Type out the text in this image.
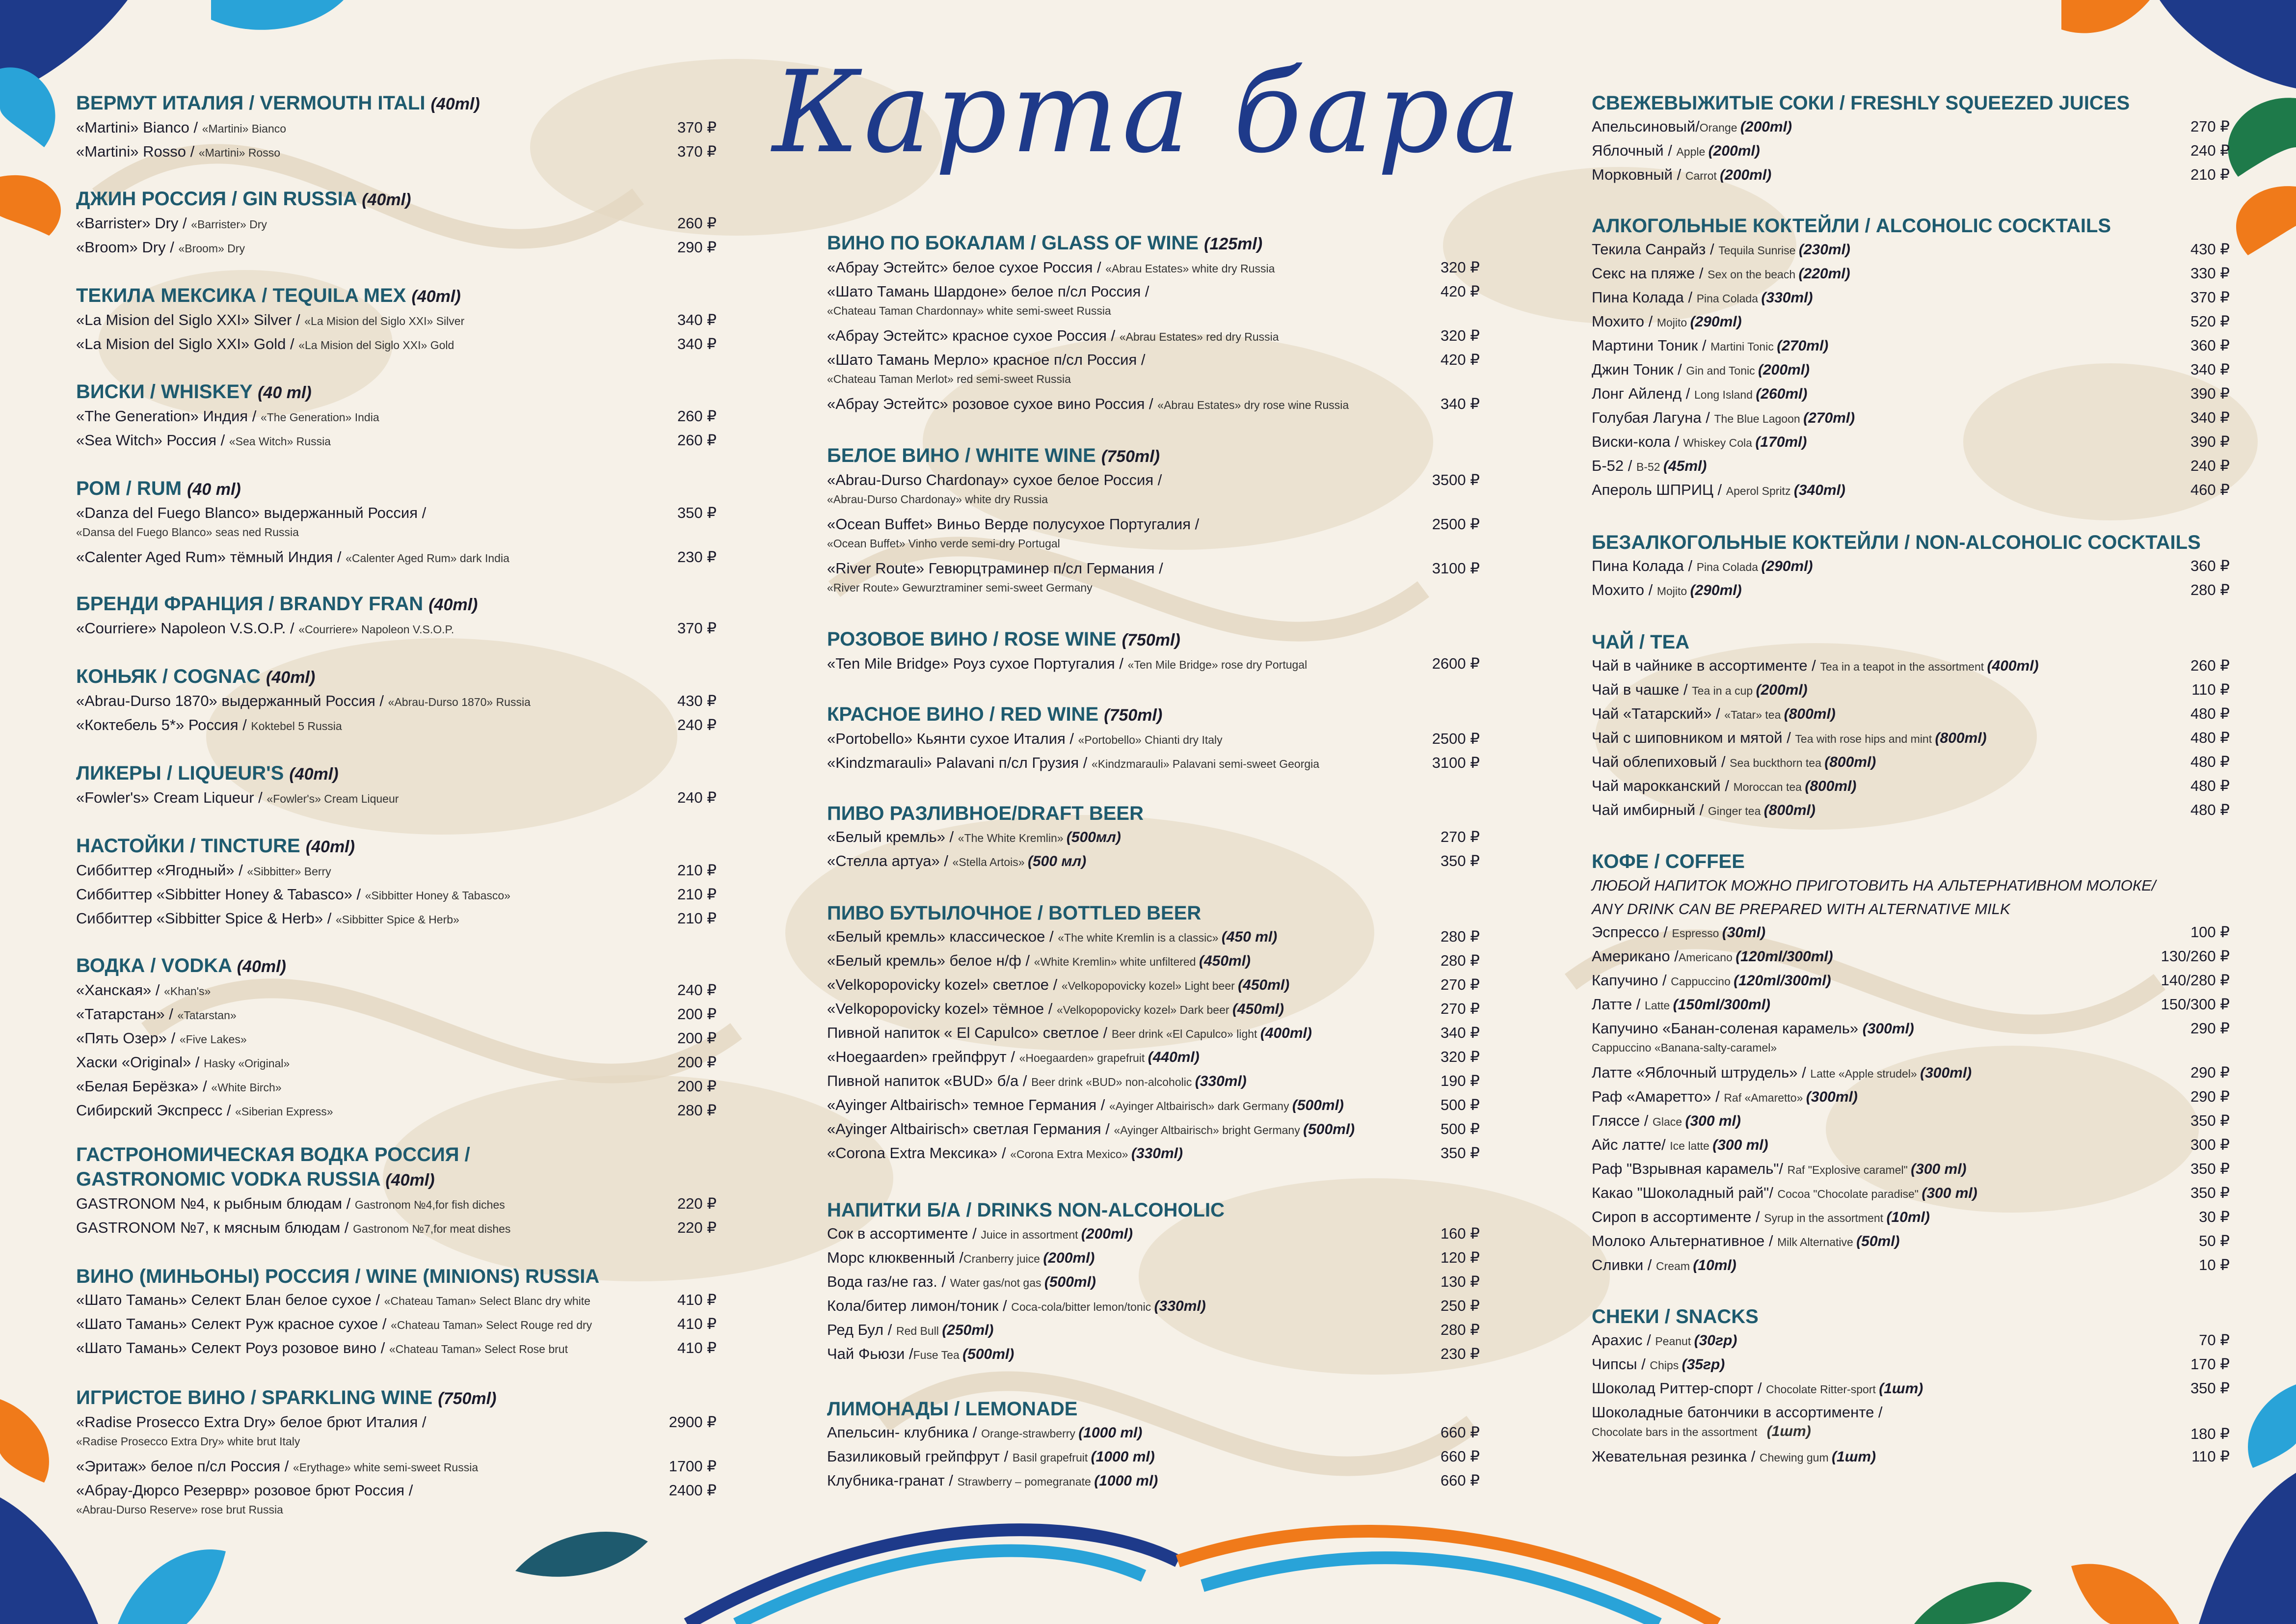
Карта бара
ВЕРМУТ ИТАЛИЯ / VERMOUTH ITALI (40ml)
«Martini» Bianco / «Martini» Bianco	370 ₽
«Martini» Rosso / «Martini» Rosso	370 ₽
ДЖИН РОССИЯ / GIN RUSSIA (40ml)
«Barrister» Dry / «Barrister» Dry	260 ₽
«Broom» Dry / «Broom» Dry	290 ₽
ТЕКИЛА МЕКСИКА / TEQUILA MEX (40ml)
«La Mision del Siglo XXI» Silver / «La Mision del Siglo XXI» Silver	340 ₽
«La Mision del Siglo XXI» Gold / «La Mision del Siglo XXI» Gold	340 ₽
ВИСКИ / WHISKEY (40 ml)
«The Generation» Индия / «The Generation» India	260 ₽
«Sea Witch» Россия / «Sea Witch» Russia	260 ₽
РОМ / RUM (40 ml)
«Danza del Fuego Blanco» выдержанный Россия /
«Dansa del Fuego Blanco» seas ned Russia
350 ₽
«Calenter Aged Rum» тёмный Индия / «Calenter Aged Rum» dark India	230 ₽
БРЕНДИ ФРАНЦИЯ / BRANDY FRAN (40ml)
«Courriere» Napoleon V.S.O.P. / «Courriere» Napoleon V.S.O.P.	370 ₽
КОНЬЯК / COGNAC (40ml)
«Abrau-Durso 1870» выдержанный Россия / «Abrau-Durso 1870» Russia	430 ₽
«Коктебель 5*» Россия / Koktebel 5 Russia	240 ₽
ЛИКЕРЫ / LIQUEUR'S (40ml)
«Fowler's» Cream Liqueur / «Fowler's» Cream Liqueur	240 ₽
НАСТОЙКИ / TINCTURE (40ml)
Сиббиттер «Ягодный» / «Sibbitter» Berry	210 ₽
Сиббиттер «Sibbitter Honey & Tabasco» / «Sibbitter Honey & Tabasco»	210 ₽
Сиббиттер «Sibbitter Spice & Herb» / «Sibbitter Spice & Herb»	210 ₽
ВОДКА / VODKA (40ml)
«Ханская» / «Khan's»	240 ₽
«Татарстан» / «Tatarstan»	200 ₽
«Пять Озер» / «Five Lakes»	200 ₽
Хаски «Original» / Hasky «Original»	200 ₽
«Белая Берёзка» / «White Birch»	200 ₽
Сибирский Экспресс / «Siberian Express»	280 ₽
ГАСТРОНОМИЧЕСКАЯ ВОДКА РОССИЯ /
GASTRONOMIC VODKA RUSSIA (40ml)
GASTRONOM №4, к рыбным блюдам / Gastronom №4,for fish diches	220 ₽
GASTRONOM №7, к мясным блюдам / Gastronom №7,for meat dishes	220 ₽
ВИНО (МИНЬОНЫ) РОССИЯ / WINE (MINIONS) RUSSIA
«Шато Тамань» Селект Блан белое сухое / «Chateau Taman» Select Blanc dry white	410 ₽
«Шато Тамань» Селект Руж красное сухое / «Chateau Taman» Select Rouge red dry	410 ₽
«Шато Тамань» Селект Роуз розовое вино / «Chateau Taman» Select Rose brut	410 ₽
ИГРИСТОЕ ВИНО / SPARKLING WINE (750ml)
«Radise Prosecco Extra Dry» белое брют Италия /
«Radise Prosecco Extra Dry» white brut Italy
2900 ₽
«Эритаж» белое п/сл Россия / «Erythage» white semi-sweet Russia	1700 ₽
«Абрау-Дюрсо Резервр» розовое брют Россия /
«Abrau-Durso Reserve» rose brut Russia
2400 ₽
ВИНО ПО БОКАЛАМ / GLASS OF WINE (125ml)
«Абрау Эстейтс» белое сухое Россия / «Abrau Estates» white dry Russia	320 ₽
«Шато Тамань Шардоне» белое п/сл Россия /
«Chateau Taman Chardonnay» white semi-sweet Russia
420 ₽
«Абрау Эстейтс» красное сухое Россия / «Abrau Estates» red dry Russia	320 ₽
«Шато Тамань Мерло» красное п/сл Россия /
«Chateau Taman Merlot» red semi-sweet Russia
420 ₽
«Абрау Эстейтс» розовое сухое вино Россия / «Abrau Estates» dry rose wine Russia	340 ₽
БЕЛОЕ ВИНО / WHITE WINE (750ml)
«Abrau-Durso Chardonay» сухое белое Россия /
«Abrau-Durso Chardonay» white dry Russia
3500 ₽
«Ocean Buffet» Виньо Верде полусухое Португалия /
«Ocean Buffet» Vinho verde semi-dry Portugal
2500 ₽
«River Route» Гевюрцтраминер п/сл Германия /
«River Route» Gewurztraminer semi-sweet Germany
3100 ₽
РОЗОВОЕ ВИНО / ROSE WINE (750ml)
«Ten Mile Bridge» Роуз сухое Португалия / «Ten Mile Bridge» rose dry Portugal	2600 ₽
КРАСНОЕ ВИНО / RED WINE (750ml)
«Portobello» Кьянти сухое Италия / «Portobello» Chianti dry Italy	2500 ₽
«Kindzmarauli» Palavani п/сл Грузия / «Kindzmarauli» Palavani semi-sweet Georgia	3100 ₽
ПИВО РАЗЛИВНОЕ/DRAFT BEER
«Белый кремль» / «The White Kremlin» (500мл)	270 ₽
«Стелла артуа» / «Stella Artois» (500 мл)	350 ₽
ПИВО БУТЫЛОЧНОЕ / BOTTLED BEER
«Белый кремль» классическое / «The white Kremlin is a classic» (450 ml)	280 ₽
«Белый кремль» белое н/ф / «White Kremlin» white unfiltered (450ml)	280 ₽
«Velkopopovicky kozel» светлое / «Velkopopovicky kozel» Light beer (450ml)	270 ₽
«Velkopopovicky kozel» тёмное / «Velkopopovicky kozel» Dark beer (450ml)	270 ₽
Пивной напиток « El Capulco» светлое / Beer drink «El Capulco» light (400ml)	340 ₽
«Hoegaarden» грейпфрут / «Hoegaarden» grapefruit (440ml)	320 ₽
Пивной напиток «BUD» б/а / Beer drink «BUD» non-alcoholic (330ml)	190 ₽
«Ayinger Altbairisch» темное Германия / «Ayinger Altbairisch» dark Germany (500ml)	500 ₽
«Ayinger Altbairisch» светлая Германия / «Ayinger Altbairisch» bright Germany (500ml)	500 ₽
«Corona Extra Мексика» / «Corona Extra Mexico» (330ml)	350 ₽
НАПИТКИ Б/А / DRINKS NON-ALCOHOLIC
Сок в ассортименте / Juice in assortment (200ml)	160 ₽
Морс клюквенный /Cranberry juice (200ml)	120 ₽
Вода газ/не газ. / Water gas/not gas (500ml)	130 ₽
Кола/битер лимон/тоник / Coca-cola/bitter lemon/tonic (330ml)	250 ₽
Ред Бул / Red Bull (250ml)	280 ₽
Чай Фьюзи /Fuse Tea (500ml)	230 ₽
ЛИМОНАДЫ / LEMONADE
Апельсин- клубника / Orange-strawberry (1000 ml)	660 ₽
Базиликовый грейпфрут / Basil grapefruit (1000 ml)	660 ₽
Клубника-гранат / Strawberry – pomegranate (1000 ml)	660 ₽
СВЕЖЕВЫЖИТЫЕ СОКИ / FRESHLY SQUEEZED JUICES
Апельсиновый/Orange (200ml)	270 ₽
Яблочный / Apple (200ml)	240 ₽
Морковный / Carrot (200ml)	210 ₽
АЛКОГОЛЬНЫЕ КОКТЕЙЛИ / ALCOHOLIC COCKTAILS
Текила Санрайз / Tequila Sunrise (230ml)	430 ₽
Секс на пляже / Sex on the beach (220ml)	330 ₽
Пина Колада / Pina Colada (330ml)	370 ₽
Мохито / Mojito (290ml)	520 ₽
Мартини Тоник / Martini Tonic (270ml)	360 ₽
Джин Тоник / Gin and Tonic (200ml)	340 ₽
Лонг Айленд / Long Island (260ml)	390 ₽
Голубая Лагуна / The Blue Lagoon (270ml)	340 ₽
Виски-кола / Whiskey Cola (170ml)	390 ₽
Б-52 / B-52 (45ml)	240 ₽
Апероль ШПРИЦ / Aperol Spritz (340ml)	460 ₽
БЕЗАЛКОГОЛЬНЫЕ КОКТЕЙЛИ / NON-ALCOHOLIC COCKTAILS
Пина Колада / Pina Colada (290ml)	360 ₽
Мохито / Mojito (290ml)	280 ₽
ЧАЙ / TEA
Чай в чайнике в ассортименте / Tea in a teapot in the assortment (400ml)	260 ₽
Чай в чашке / Tea in a cup (200ml)	110 ₽
Чай «Татарский» / «Tatar» tea (800ml)	480 ₽
Чай с шиповником и мятой / Tea with rose hips and mint (800ml)	480 ₽
Чай облепиховый / Sea buckthorn tea (800ml)	480 ₽
Чай марокканский / Moroccan tea (800ml)	480 ₽
Чай имбирный / Ginger tea (800ml)	480 ₽
КОФЕ / COFFEE
ЛЮБОЙ НАПИТОК МОЖНО ПРИГОТОВИТЬ НА АЛЬТЕРНАТИВНОМ МОЛОКЕ/
ANY DRINK CAN BE PREPARED WITH ALTERNATIVE MILK
Эспрессо / Espresso (30ml)	100 ₽
Американо /Americano (120ml/300ml)	130/260 ₽
Капучино / Cappuccino (120ml/300ml)	140/280 ₽
Латте / Latte (150ml/300ml)	150/300 ₽
Капучино «Банан-соленая карамель» (300ml)
Cappuccino «Banana-salty-caramel»
290 ₽
Латте «Яблочный штрудель» / Latte «Apple strudel» (300ml)	290 ₽
Раф «Амаретто» / Raf «Amaretto» (300ml)	290 ₽
Гляссе / Glace (300 ml)	350 ₽
Айс латте/ Ice latte (300 ml)	300 ₽
Раф "Взрывная карамель"/ Raf "Explosive caramel" (300 ml)	350 ₽
Какао "Шоколадный рай"/ Cocoa "Chocolate paradise" (300 ml)	350 ₽
Сироп в ассортименте / Syrup in the assortment (10ml)	30 ₽
Молоко Альтернативное / Milk Alternative (50ml)	50 ₽
Сливки / Cream (10ml)	10 ₽
СНЕКИ / SNACKS
Арахис / Peanut (30гр)	70 ₽
Чипсы / Chips (35гр)	170 ₽
Шоколад Риттер-спорт / Chocolate Ritter-sport (1шт)	350 ₽
Шоколадные батончики в ассортименте /
Chocolate bars in the assortment (1шт)	180 ₽
Жевательная резинка / Chewing gum (1шт)	110 ₽
